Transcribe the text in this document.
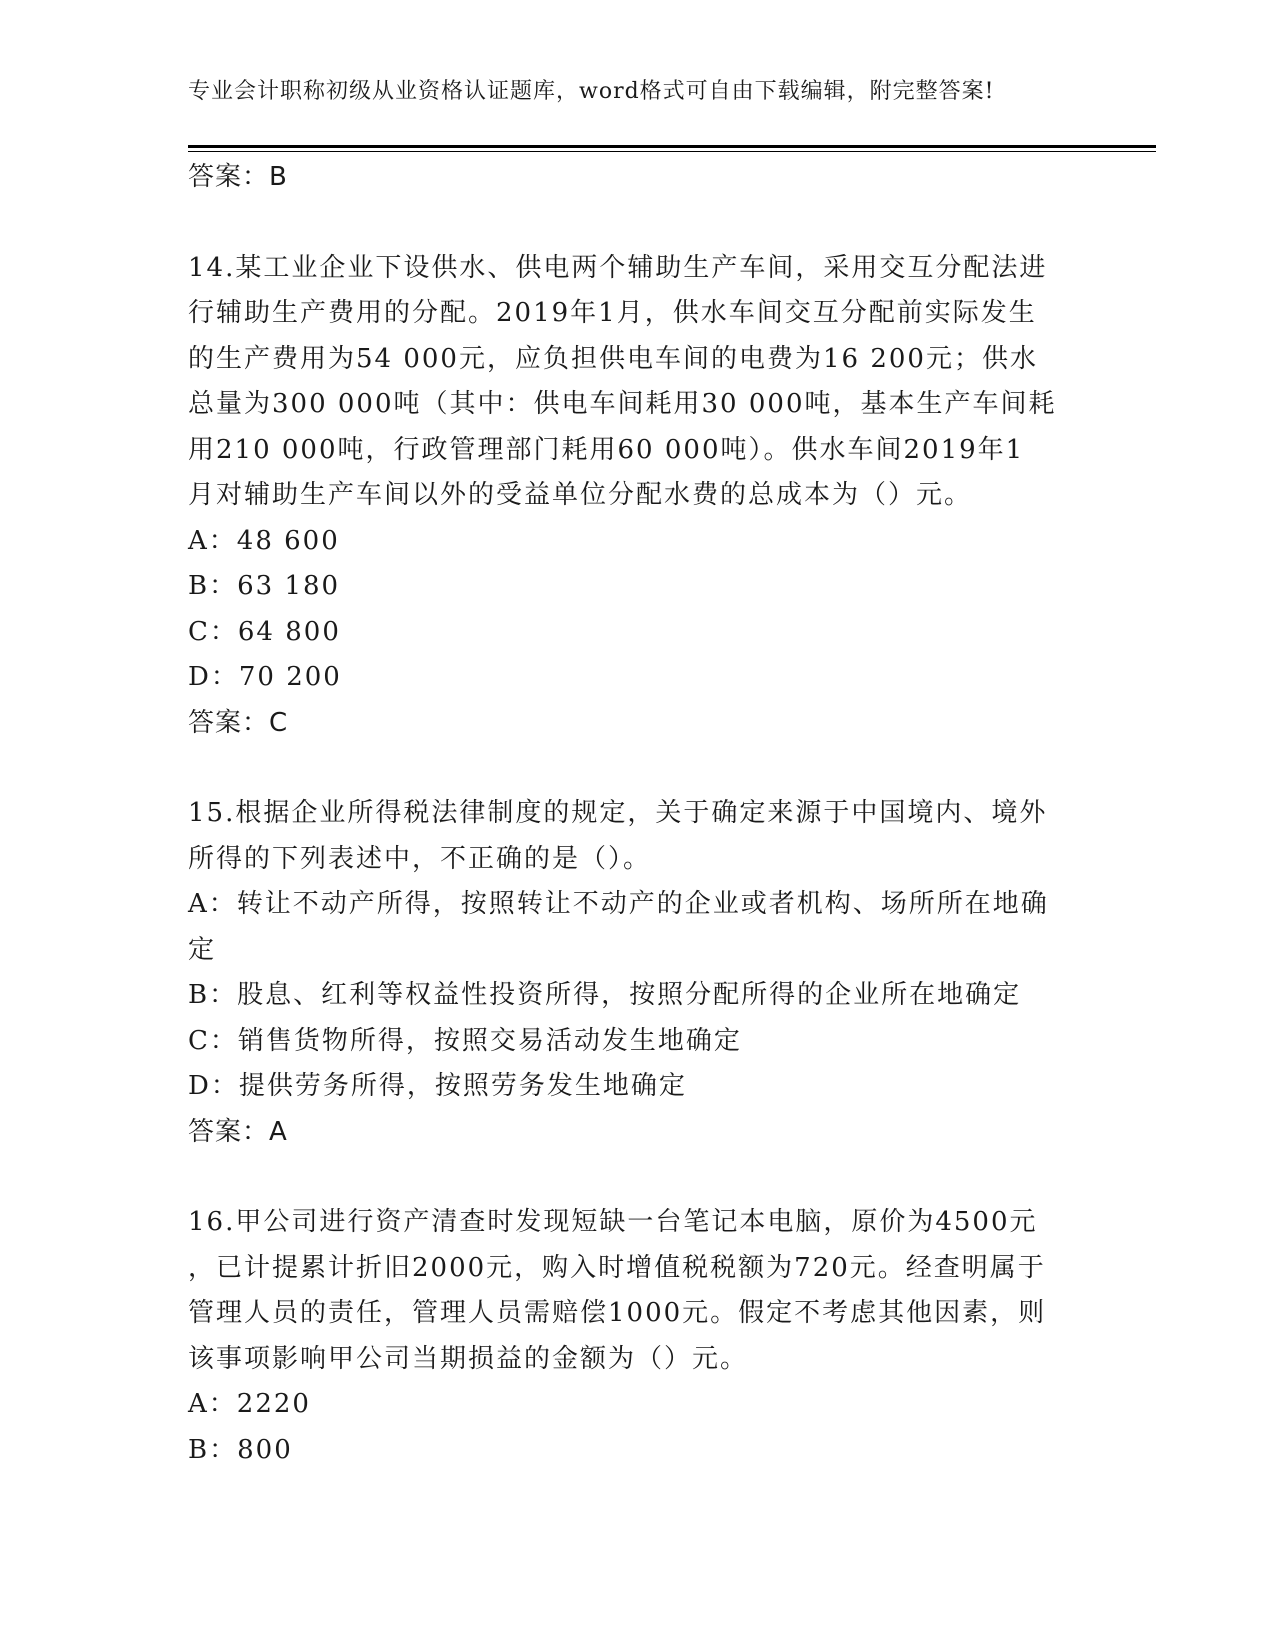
专业会计职称初级从业资格认证题库，word格式可自由下载编辑，附完整答案!
答案：B
14.某工业企业下设供水、供电两个辅助生产车间，采用交互分配法进
行辅助生产费用的分配。2019年1月，供水车间交互分配前实际发生
的生产费用为54 000元，应负担供电车间的电费为16 200元；供水
总量为300 000吨（其中：供电车间耗用30 000吨，基本生产车间耗
用210 000吨，行政管理部门耗用60 000吨）。供水车间2019年1
月对辅助生产车间以外的受益单位分配水费的总成本为（）元。
A：48 600
B：63 180
C：64 800
D：70 200
答案：C
15.根据企业所得税法律制度的规定，关于确定来源于中国境内、境外
所得的下列表述中，不正确的是（）。
A：转让不动产所得，按照转让不动产的企业或者机构、场所所在地确
定
B：股息、红利等权益性投资所得，按照分配所得的企业所在地确定
C：销售货物所得，按照交易活动发生地确定
D：提供劳务所得，按照劳务发生地确定
答案：A
16.甲公司进行资产清查时发现短缺一台笔记本电脑，原价为4500元
，已计提累计折旧2000元，购入时增值税税额为720元。经查明属于
管理人员的责任，管理人员需赔偿1000元。假定不考虑其他因素，则
该事项影响甲公司当期损益的金额为（）元。
A：2220
B：800
